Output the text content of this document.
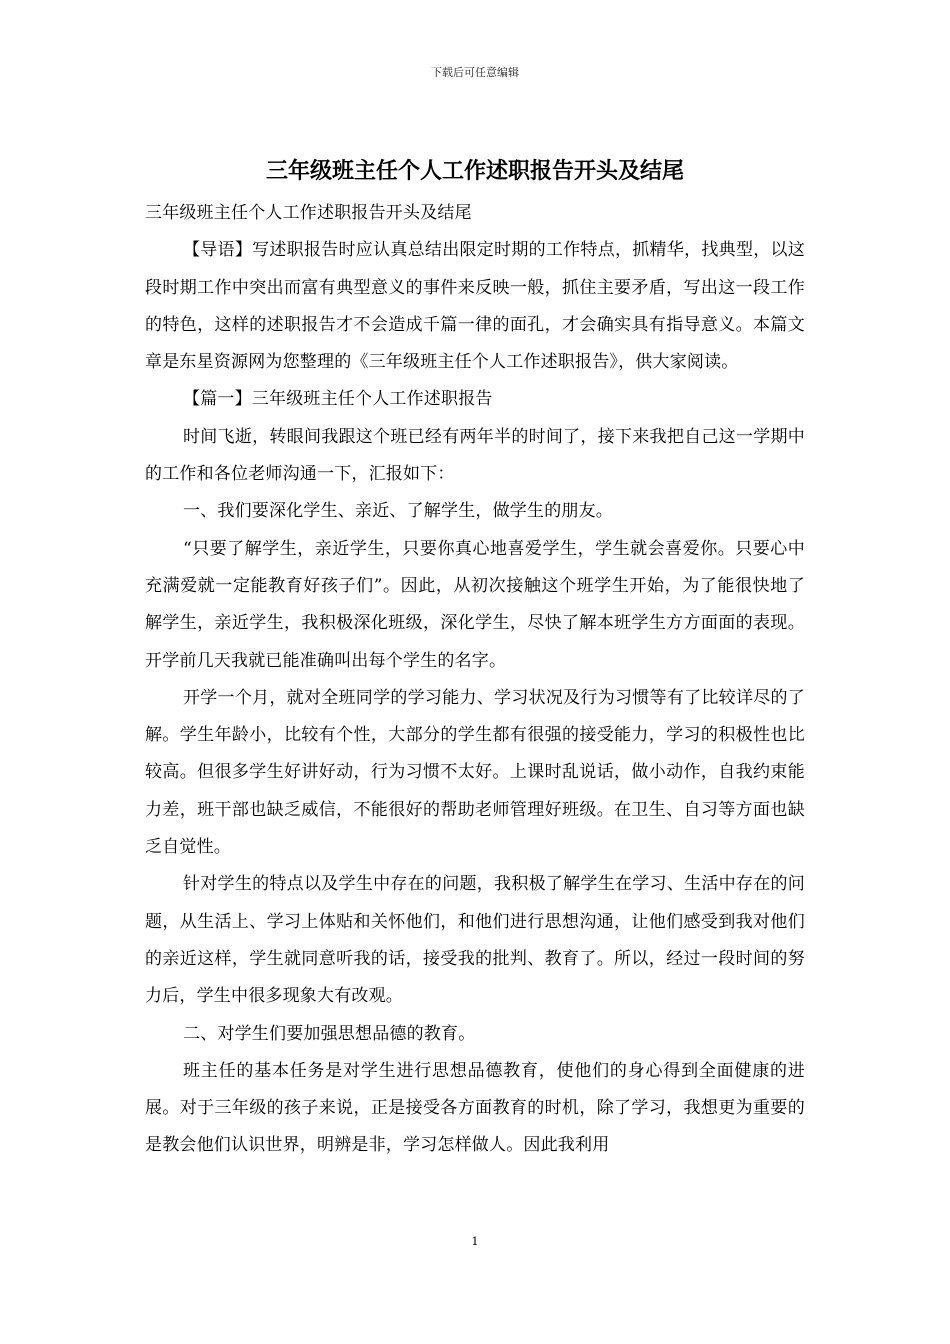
下载后可任意编辑
三年级班主任个人工作述职报告开头及结尾

三年级班主任个人工作述职报告开头及结尾

【导语】写述职报告时应认真总结出限定时期的工作特点，抓精华，找典型，以这段时期工作中突出而富有典型意义的事件来反映一般，抓住主要矛盾，写出这一段工作的特色，这样的述职报告才不会造成千篇一律的面孔，才会确实具有指导意义。本篇文章是东星资源网为您整理的《三年级班主任个人工作述职报告》，供大家阅读。

【篇一】三年级班主任个人工作述职报告

时间飞逝，转眼间我跟这个班已经有两年半的时间了，接下来我把自己这一学期中的工作和各位老师沟通一下，汇报如下：

一、我们要深化学生、亲近、了解学生，做学生的朋友。

“只要了解学生，亲近学生，只要你真心地喜爱学生，学生就会喜爱你。只要心中充满爱就一定能教育好孩子们”。因此，从初次接触这个班学生开始，为了能很快地了解学生，亲近学生，我积极深化班级，深化学生，尽快了解本班学生方方面面的表现。开学前几天我就已能准确叫出每个学生的名字。

开学一个月，就对全班同学的学习能力、学习状况及行为习惯等有了比较详尽的了解。学生年龄小，比较有个性，大部分的学生都有很强的接受能力，学习的积极性也比较高。但很多学生好讲好动，行为习惯不太好。上课时乱说话，做小动作，自我约束能力差，班干部也缺乏威信，不能很好的帮助老师管理好班级。在卫生、自习等方面也缺乏自觉性。

针对学生的特点以及学生中存在的问题，我积极了解学生在学习、生活中存在的问题，从生活上、学习上体贴和关怀他们，和他们进行思想沟通，让他们感受到我对他们的亲近这样，学生就同意听我的话，接受我的批判、教育了。所以，经过一段时间的努力后，学生中很多现象大有改观。

二、对学生们要加强思想品德的教育。

班主任的基本任务是对学生进行思想品德教育，使他们的身心得到全面健康的进展。对于三年级的孩子来说，正是接受各方面教育的时机，除了学习，我想更为重要的是教会他们认识世界，明辨是非，学习怎样做人。因此我利用

1
